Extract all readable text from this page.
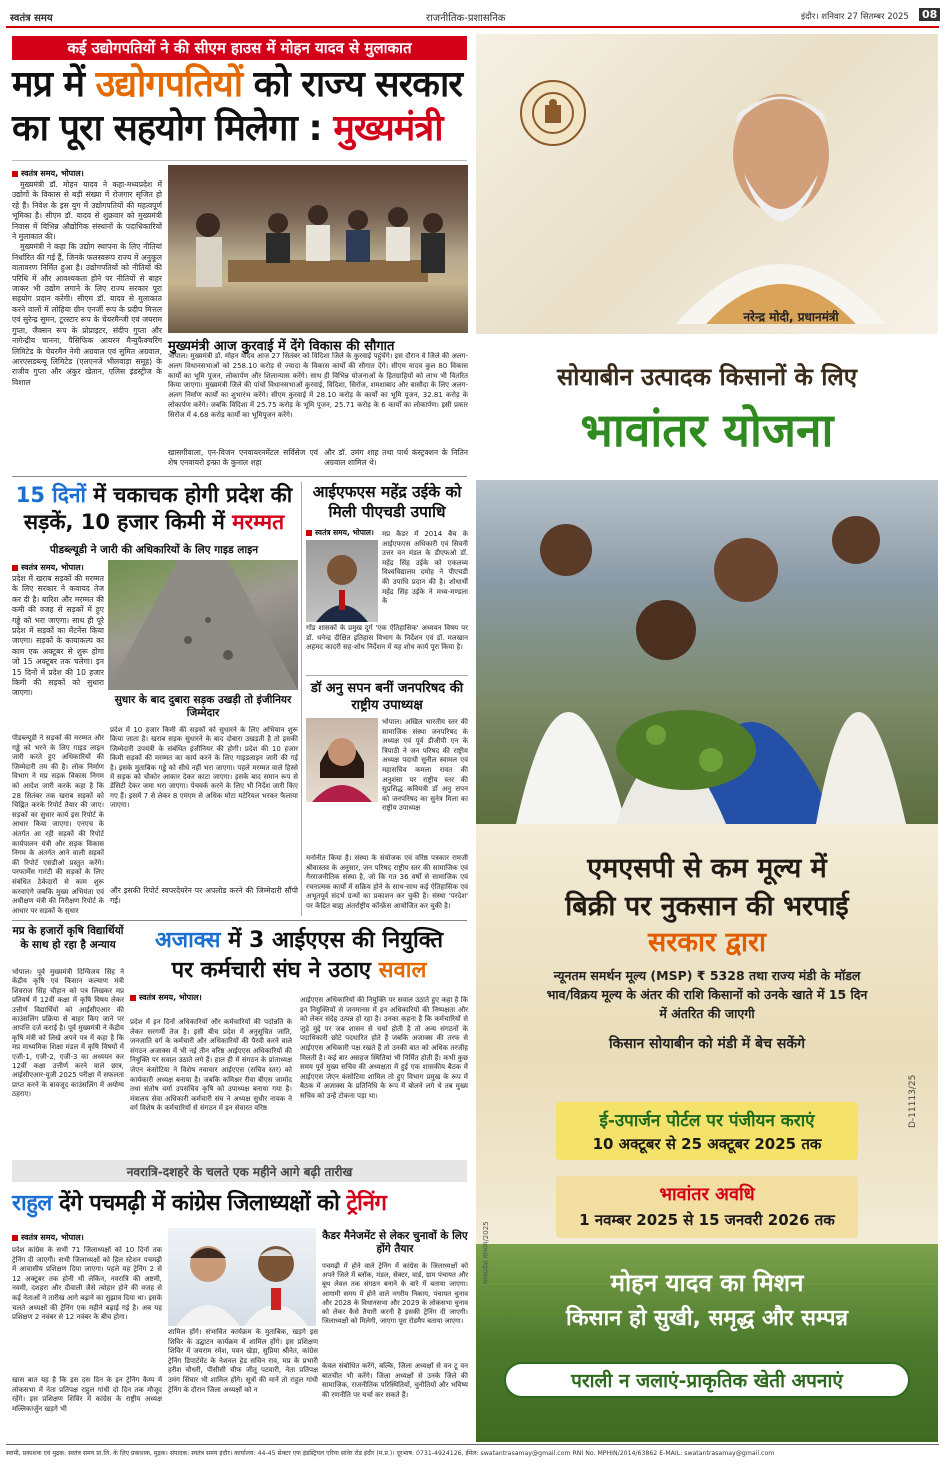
स्वतंत्र समय	राजनीतिक-प्रशासनिक	इंदौर। शनिवार 27 सितम्बर 2025 08
कई उद्योगपतियों ने की सीएम हाउस में मोहन यादव से मुलाकात
मप्र में उद्योगपतियों को राज्य सरकार
का पूरा सहयोग मिलेगा : मुख्यमंत्री
स्वतंत्र समय, भोपाल।

मुख्यमंत्री डॉ. मोहन यादव ने कहा-मध्यप्रदेश में उद्योगों के विकास से बड़ी संख्या में रोजगार सृजित हो रहे हैं। निवेश के इस युग में उद्योगपतियों की महत्वपूर्ण भूमिका है। सीएम डॉ. यादव से शुक्रवार को मुख्यमंत्री निवास में विभिन्न औद्योगिक संस्थानों के पदाधिकारियों ने मुलाकात की।

मुख्यमंत्री ने कहा कि उद्योग स्थापना के लिए नीतियां निर्धारित की गई हैं, जिनके फलस्वरूप राज्य में अनुकूल वातावरण निर्मित हुआ है। उद्योगपतियों को नीतियों की परिधि में और आवश्यकता होने पर नीतियों से बाहर जाकर भी उद्योग लगाने के लिए राज्य सरकार पूरा सहयोग प्रदान करेगी। सीएम डॉ. यादव से मुलाकात करने वालों में लोहिया ग्रीन एनर्जी रूप के प्रदीप मित्तल एवं सुरेन्द्र सुमन, टूरस्टार रूप के चेयरमैन्जी एवं जयराम गुप्ता, जैक्सन रूप के प्रोप्राइटर, संदीप गुप्ता और नागेन्द्रीय चानना, पैसिफिक आयरन मैन्युफैक्चरिंग लिमिटेड के चेयरमैन नेमी अग्रवाल एवं सुमित अग्रवाल, आरएसडब्ल्यू लिमिटेड (एलएनजे भीलवाड़ा समूह) के राजीव गुप्ता और अंकुर खेतान, एलिस इंडस्ट्रीज के विशाल

मुख्यमंत्री आज कुरवाई में देंगे विकास की सौगात
भोपाल। मुख्यमंत्री डॉ. मोहन यादव आज 27 सितंबर को विदिशा जिले के कुरवाई पहुंचेंगे। इस दौरान वे जिले की अलग-अलग विधानसभाओं को 258.10 करोड़ से ज्यादा के विकास कार्यों की सौगात देंगे। सीएम यादव कुल 80 विकास कार्यों का भूमि पूजन, लोकार्पण और शिलान्यास करेंगे। साथ ही विभिन्न योजनाओं के हितग्राहियों को लाभ भी वितरित किया जाएगा। मुख्यमंत्री जिले की पांचों विधानसभाओं कुरवाई, विदिशा, सिरोंज, शमशाबाद और बासौदा के लिए अलग-अलग निर्माण कार्यों का शुभारंभ करेंगे। सीएम कुरवाई में 28.10 करोड़ के कार्यों का भूमि पूजन, 32.81 करोड़ के लोकार्पण करेंगे। जबकि विदिशा में 25.75 करोड़ के भूमि पूजन, 25.71 करोड़ के 6 कार्यों का लोकार्पण। इसी प्रकार सिरोंज में 4.68 करोड़ कार्यों का भूमिपूजन करेंगे।
खासगीवाला, एन-विजन एनवायरनमेंटल सर्विसेज एवं शेष एनवायरो इन्फ्रा के कुनाल शहा
और डॉ. उमंग शाह तथा पार्थ कंस्ट्रक्शन के नितिन अग्रवाल शामिल थे।
15 दिनों में चकाचक होगी प्रदेश की
सड़कें, 10 हजार किमी में मरम्मत
पीडब्ल्यूडी ने जारी की अधिकारियों के लिए गाइड लाइन
स्वतंत्र समय, भोपाल।
प्रदेश में खराब सड़कों की मरम्मत के लिए सरकार ने कवायद तेज कर दी है। बारिश और मरम्मत की कमी की वजह से सड़कों में हुए गड्ढे को भरा जाएगा। साथ ही पूरे प्रदेश में सड़कों का मेंटनेंस किया जाएगा। सड़कों के कायाकल्प का काम एक अक्टूबर से शुरू होगा जो 15 अक्टूबर तक चलेगा। इन 15 दिनों में प्रदेश की 10 हजार किमी की सड़कों को सुधारा जाएगा।
पीडब्ल्यूडी ने सड़कों की मरम्मत और गड्ढे को भरने के लिए गाइड लाइन जारी करते हुए अधिकारियों की जिम्मेदारी तय की है। लोक निर्माण विभाग ने मप्र सड़क विकास निगम को आदेश जारी करके कहा है कि 28 सितंबर तक खराब सड़कों को चिह्नित करके रिपोर्ट तैयार की जाए। सड़कों का सुधार कार्य इस रिपोर्ट के आधार किया जाएगा। एनएच के अंतर्गत आ रही सड़कों की रिपोर्ट कार्यपालन यंत्री और सड़क विकास निगम के अंतर्गत आने वाली सड़कों की रिपोर्ट एसडीओ प्रस्तुत करेंगे। परफार्मेंस गारंटी की सड़कों के लिए संबंधित ठेकेदारों से काम शुरू करवाएंगे जबकि मुख्य अभियंता एवं अधीक्षण यंत्री की निरीक्षण रिपोर्ट के आधार पर सड़कों के सुधार
सुधार के बाद दुबारा सड़क उखड़ी तो इंजीनियर जिम्मेदार
प्रदेश में 10 हजार किमी की सड़कों को सुधारने के लिए अभियान शुरू किया जाता है। खराब सड़क सुधारने के बाद दोबारा उखड़ती है तो इसकी जिम्मेदारी उपयंत्री के संबंधित इंजीनियर की होगी। प्रदेश की 10 हजार किमी सड़कों की मरम्मत का कार्य करने के लिए गाइडलाइन जारी की गई है। इसके मुताबिक गड्ढे को सीधे नहीं भरा जाएगा। पहले मरम्मत वाले हिस्से में सड़क को चौकोर आकार देकर काटा जाएगा। इसके बाद समान रूप से डेंसिटी देकर जमा भरा जाएगा। पेचवर्क करने के लिए भी निर्देश जारी किए गए हैं। इसमें 7 से लेकर 8 एमएम से अधिक मोटा मटेरियल भरकर फैलाया जाएगा।
और इसकी रिपोर्ट स्वपरदेयरेन पर अपलोड करने की जिम्मेदारी सौंपी गई।
आईएफएस महेंद्र उईके को मिली पीएचडी उपाधि
स्वतंत्र समय, भोपाल। मप्र कैडर में 2014 बैच के आईएफएस अधिकारी एवं सिवनी उत्तर वन मंडल के डीएफओ डॉ. महेंद्र सिंह उईके को एकलव्य विश्वविद्यालय दमोह ने पीएचडी की उपाधि प्रदान की है। शोधार्थी महेंद्र सिंह उईके ने मध्य-मण्डला के
गोंड शासकों के प्रमुख दुर्ग 'एक ऐतिहासिक' अध्ययन विषय पर डॉ. धनेन्द्र दीक्षित इतिहास विभाग के निर्देशन एवं डॉ. मलखान अहमद कादरी सह-शोध निर्देशन में यह शोध कार्य पूरा किया है।
डॉ अनु सपन बनीं जनपरिषद की राष्ट्रीय उपाध्यक्ष
भोपाल। अखिल भारतीय स्तर की सामाजिक संस्था जनपरिषद के अध्यक्ष एवं पूर्व डीजीपी एन के त्रिपाठी ने जन परिषद की राष्ट्रीय अध्यक्ष पदाधी सुनील स्वामल एवं महासचिव कमला रावत की अनुशंसा पर राष्ट्रीय स्तर की सुप्रसिद्ध कवियत्री डॉ अनु सपन को जनपरिषद का सुनेत्र मिला का राष्ट्रीय उपाध्यक्ष
मनोनीत किया है। संस्था के संयोजक एवं वरिष्ठ पत्रकार रामजी श्रीवास्तव के अनुसार, जन परिषद राष्ट्रीय स्तर की सामाजिक एवं गैरराजनीतिक संस्था है, जो कि गत 36 वर्षों से सामाजिक एवं रचनात्मक कार्यों में सक्रिय होने के साथ-साथ कई ऐतिहासिक एवं अभूतपूर्व संदर्भ ग्रन्थों का प्रकाशन कर चुकी है। संस्था 'परदेश' पर केंद्रित बाह्य अंतर्राष्ट्रीय कॉन्फ्रेंस आयोजित कर चुकी है।
मप्र के हजारों कृषि विद्यार्थियों के साथ हो रहा है अन्याय
भोपाल। पूर्व मुख्यमंत्री दिग्विजय सिंह ने केंद्रीय कृषि एवं किसान कल्याण मंत्री शिवराज सिंह चौहान को पत्र लिखकर मप्र प्रतिवर्ष में 12वीं कक्षा में कृषि विषय लेकर उत्तीर्ण विद्यार्थियों को आईसीएआर की काउंसलिंग प्रक्रिया से बाहर किए जाने पर आपत्ति दर्ज कराई है। पूर्व मुख्यमंत्री ने केंद्रीय कृषि मंत्री को लिखे अपने पत्र में कहा है कि मप्र माध्यमिक शिक्षा मंडल में कृषि विषयों में एजी-1, एजी-2, एजी-3 का अध्ययन कर 12वीं कक्षा उत्तीर्ण करने वाले छात्र, आईसीएआर-यूजी 2025 परीक्षा में सफलता प्राप्त करने के बावजूद काउंसलिंग में अयोग्य ठहराए।
अजाक्स में 3 आईएएस की नियुक्ति
पर कर्मचारी संघ ने उठाए सवाल
स्वतंत्र समय, भोपाल।
प्रदेश में इन दिनों अधिकारियों और कर्मचारियों की पदोन्नति के लेकर सरगर्मी तेज है। इसी बीच प्रदेश में अनुसूचित जाति, जनजाति वर्ग के कर्मचारी और अधिकारियों की पैरवी करने वाले संगठन अजाक्स में भी नई तीन वरिष्ठ आईएएस अधिकारियों की नियुक्ति पर सवाल उठाते लगे हैं। हाल ही में संगठन के प्रांताध्यक्ष जेएन कंसोटिया ने विशेष नवाचार आईएएस (सचिव स्तर) को कार्यकारी अध्यक्ष बनाया है। जबकि कमिश्नर रीवा बीएस जामोद तथा संतोष वर्मा उपसचिव कृषि को उपाध्यक्ष बनाया गया है। मंत्रालय सेवा अधिकारी कर्मचारी संघ ने अध्यक्ष सुधीर नायक ने वर्ग विशेष के कर्मचारियों से संगठन में इन सेवारत वरिष्ठ
आईएएस अधिकारियों की नियुक्ति पर सवाल उठाते हुए कहा है कि इन नियुक्तियों से जनमानस में इन अधिकारियों की निष्पक्षता और को लेकर संदेह उत्पन्न हो रहा है। उनका कहना है कि कर्मचारियों से जुड़े मुद्दे पर जब शासन से चर्चा होती है तो अन्य संगठनों के पदाधिकारी छोटे पदधारित होते हैं जबकि अजाक्स की तरफ से आईएएस अधिकारी पक्ष रखते हैं तो उनकी बात को अधिक तरजीह मिलती है। कई बार असहज स्थितियां भी निर्मित होती हैं। कभी कुछ समय पूर्व मुख्य सचिव की अध्यक्षता में हुई एक शासकीय बैठक में आईएएस जेएन कंसोटिया शामिल तो हुए विभाग प्रमुख के रूप में बैठक में अजाक्स के प्रतिनिधि के रूप में बोलने लगे थे तब मुख्य सचिव को उन्हें टोकना पड़ा था।
नवरात्रि-दशहरे के चलते एक महीने आगे बढ़ी तारीख
राहुल देंगे पचमढ़ी में कांग्रेस जिलाध्यक्षों को ट्रेनिंग
स्वतंत्र समय, भोपाल।
प्रदेश कांग्रेस के सभी 71 जिलाध्यक्षों को 10 दिनों तक ट्रेनिंग दी जाएगी। सभी जिलाध्यक्षों को हिल स्टेशन पचमढ़ी में आवासीय प्रशिक्षण दिया जाएगा। पहले यह ट्रेनिंग 2 से 12 अक्टूबर तक होनी थी लेकिन, नवरात्रि की अष्टमी, नवमी, दशहरा और दीवाली जैसे त्योहार होने की वजह से कई नेताओं ने तारीख आगे बढ़ाने का सुझाव दिया था। इसके चलते अध्यक्षों की ट्रेनिंग एक महीने बढ़ाई गई है। अब यह प्रशिक्षण 2 नवंबर से 12 नवंबर के बीच होगा।
खास बात यह है कि इस दस दिन के इन ट्रेनिंग कैम्प में लोकसभा में नेता प्रतिपक्ष राहुल गांधी दो दिन तक मौजूद रहेंगे। इस प्रशिक्षण शिविर में कांग्रेस के राष्ट्रीय अध्यक्ष मल्लिकार्जुन खड़गे भी
कैडर मैनेजमेंट से लेकर चुनावों के लिए होंगे तैयार
पचमढ़ी में होने वाले ट्रेनिंग में कांग्रेस के जिलाध्यक्षों को अपने जिले में ब्लॉक, मंडल, सेक्टर, वार्ड, ग्राम पंचायत और बूथ लेवल तक संगठन बनाने के बारे में बताया जाएगा। आगामी समय में होने वाले नगरीय निकाय, पंचायत चुनाव और 2028 के विधानसभा और 2029 के लोकसभा चुनाव को लेकर कैसे तैयारी करनी है इसकी ट्रेनिंग दी जाएगी। जिलाध्यक्षों को मिलेगी, जाएगा पूरा रोडमैप बताया जाएगा।
शामिल होंगे। संभावित कार्यक्रम के मुताबिक, खड़गे इस शिविर के उद्घाटन कार्यक्रम में शामिल होंगे। इस प्रशिक्षण शिविर में जयराम रमेश, पवन खेड़ा, सुप्रिया श्रीनेत, कांग्रेस ट्रेनिंग डिपार्टमेंट के नेशनल हेड सचिन राव, मप्र के प्रभारी हरीश चौधरी, पीसीसी चीफ जीतू पटवारी, नेता प्रतिपक्ष उमंग सिंघार भी शामिल होंगे। सूत्रों की मानें तो राहुल गांधी ट्रेनिंग के दौरान जिला अध्यक्षों को न
केवल संबोधित करेंगे, बल्कि, जिला अध्यक्षों से वन टू वन बातचीत भी करेंगे। जिला अध्यक्षों से उनके जिले की सामाजिक, राजनीतिक परिस्थितियों, चुनौतियों और भविष्य की रणनीति पर चर्चा कर सकते हैं।
नरेन्द्र मोदी, प्रधानमंत्री
सोयाबीन उत्पादक किसानों के लिए
भावांतर योजना
एमएसपी से कम मूल्य में
बिक्री पर नुकसान की भरपाई
सरकार द्वारा
न्यूनतम समर्थन मूल्य (MSP) ₹ 5328 तथा राज्य मंडी के मॉडल भाव/विक्रय मूल्य के अंतर की राशि किसानों को उनके खाते में 15 दिन में अंतरित की जाएगी
किसान सोयाबीन को मंडी में बेच सकेंगे
ई-उपार्जन पोर्टल पर पंजीयन कराएं
10 अक्टूबर से 25 अक्टूबर 2025 तक
भावांतर अवधि
1 नवम्बर 2025 से 15 जनवरी 2026 तक
मोहन यादव का मिशन
किसान हो सुखी, समृद्ध और सम्पन्न
पराली न जलाएं-प्राकृतिक खेती अपनाएं
D-11113/25
मध्यप्रदेश माध्यम/2025
स्वामी, प्रकाशक एवं मुद्रक: स्वतंत्र समय प्रा.लि. के लिए प्रकाशक, मुद्रक। संपादक: स्वतंत्र समय इंदौर। कार्यालय: 44-45 सेक्टर एफ इंडस्ट्रियल एरिया सांवेर रोड इंदौर (म.प्र.)। दूरभाष: 0731-4924126, ईमेल: swatantrasamay@gmail.com RNI No. MPHIN/2014/63862 E-MAIL: swatantrasamay@gmail.com
